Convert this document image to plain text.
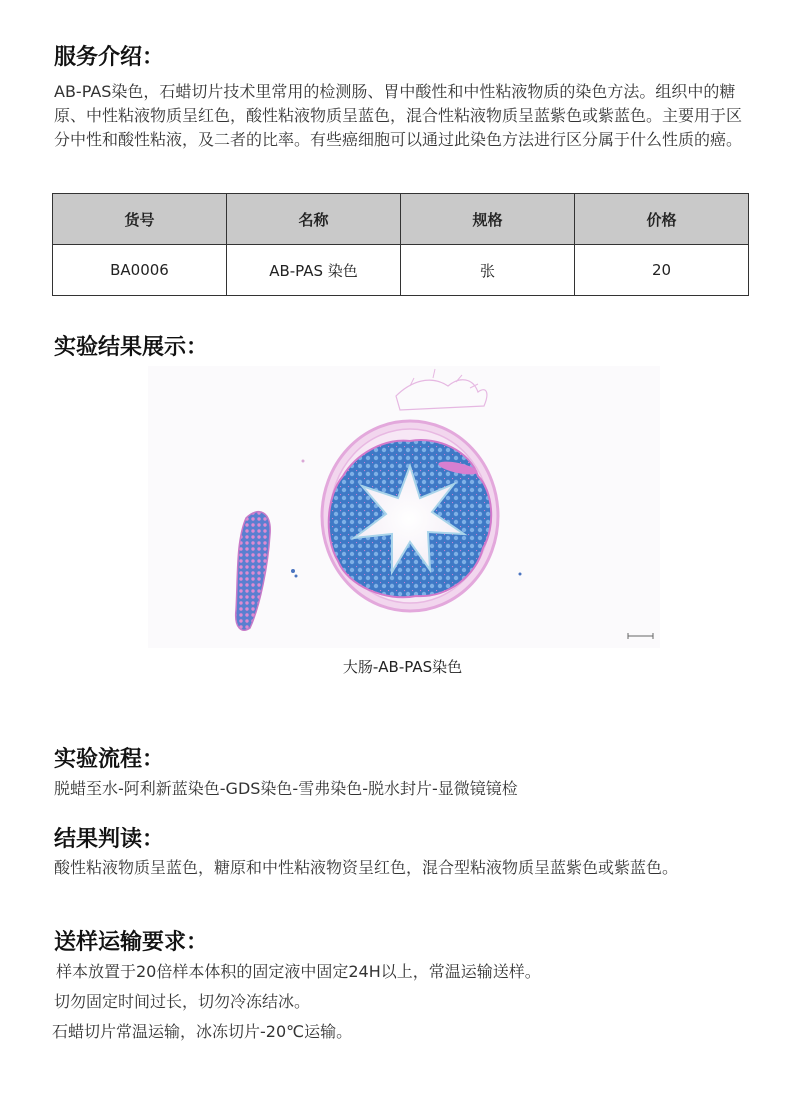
服务介绍：

AB-PAS染色，石蜡切片技术里常用的检测肠、胃中酸性和中性粘液物质的染色方法。组织中的糖原、中性粘液物质呈红色，酸性粘液物质呈蓝色，混合性粘液物质呈蓝紫色或紫蓝色。主要用于区分中性和酸性粘液，及二者的比率。有些癌细胞可以通过此染色方法进行区分属于什么性质的癌。

货号	名称	规格	价格
BA0006	AB-PAS 染色	张	20
实验结果展示：
大肠-AB-PAS染色
实验流程：

脱蜡至水-阿利新蓝染色-GDS染色-雪弗染色-脱水封片-显微镜镜检

结果判读：

酸性粘液物质呈蓝色，糖原和中性粘液物资呈红色，混合型粘液物质呈蓝紫色或紫蓝色。

送样运输要求：

样本放置于20倍样本体积的固定液中固定24H以上，常温运输送样。

切勿固定时间过长，切勿冷冻结冰。

石蜡切片常温运输，冰冻切片-20℃运输。
